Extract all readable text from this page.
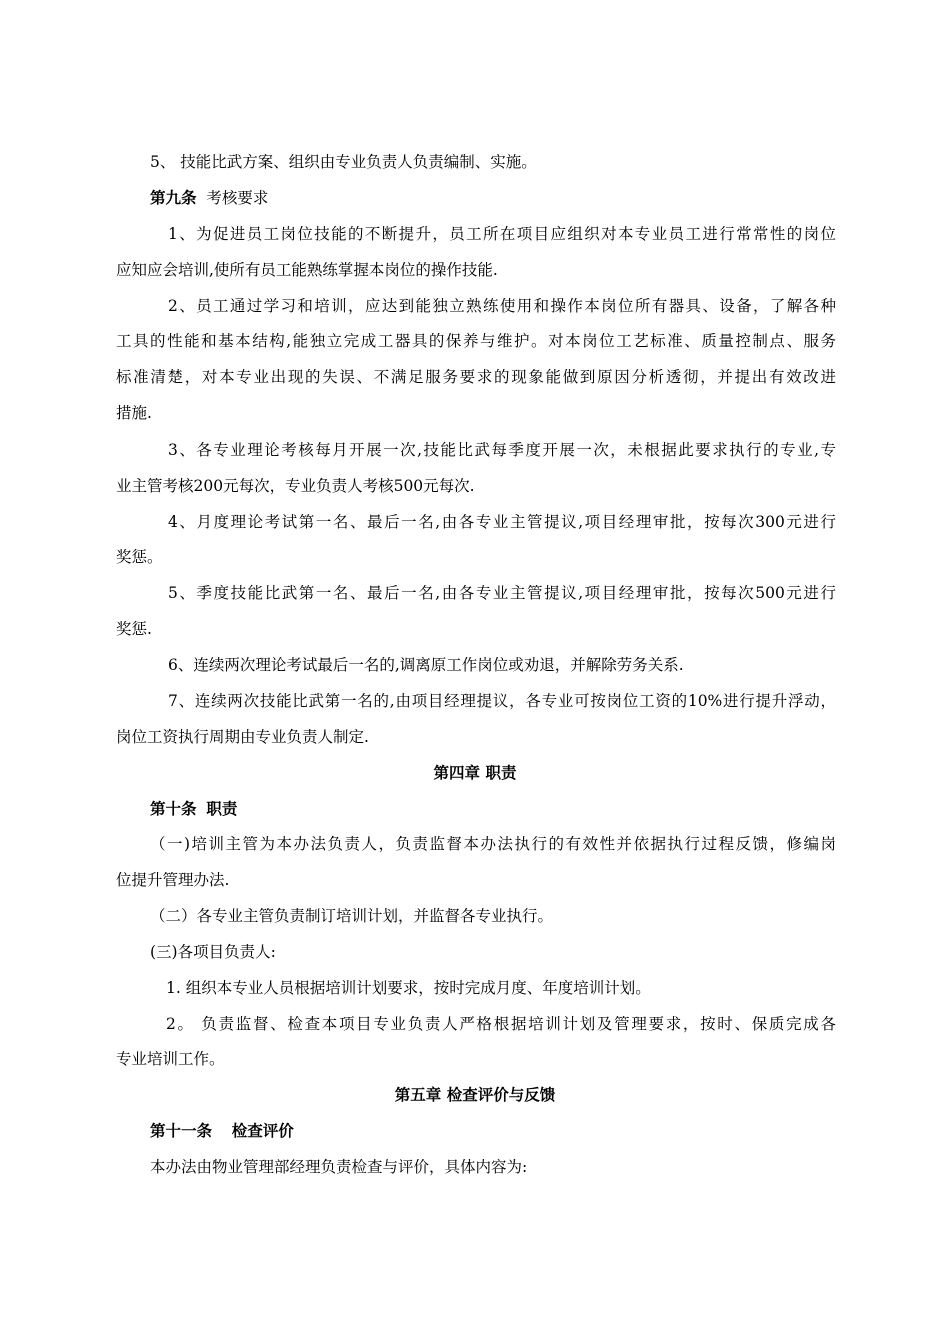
5、 技能比武方案、组织由专业负责人负责编制、实施。
第九条 考核要求
1、为促进员工岗位技能的不断提升，员工所在项目应组织对本专业员工进行常常性的岗位
应知应会培训,使所有员工能熟练掌握本岗位的操作技能.
2、员工通过学习和培训，应达到能独立熟练使用和操作本岗位所有器具、设备，了解各种
工具的性能和基本结构,能独立完成工器具的保养与维护。对本岗位工艺标准、质量控制点、服务
标准清楚，对本专业出现的失误、不满足服务要求的现象能做到原因分析透彻，并提出有效改进
措施.
3、各专业理论考核每月开展一次,技能比武每季度开展一次，未根据此要求执行的专业,专
业主管考核200元每次，专业负责人考核500元每次.
4、月度理论考试第一名、最后一名,由各专业主管提议,项目经理审批，按每次300元进行
奖惩。
5、季度技能比武第一名、最后一名,由各专业主管提议,项目经理审批，按每次500元进行
奖惩.
6、连续两次理论考试最后一名的,调离原工作岗位或劝退，并解除劳务关系.
7、连续两次技能比武第一名的,由项目经理提议，各专业可按岗位工资的10%进行提升浮动，
岗位工资执行周期由专业负责人制定.
第四章 职责
第十条 职责
（一)培训主管为本办法负责人，负责监督本办法执行的有效性并依据执行过程反馈，修编岗
位提升管理办法.
（二）各专业主管负责制订培训计划，并监督各专业执行。
(三)各项目负责人:
1. 组织本专业人员根据培训计划要求，按时完成月度、年度培训计划。
2。 负责监督、检查本项目专业负责人严格根据培训计划及管理要求，按时、保质完成各
专业培训工作。
第五章 检查评价与反馈
第十一条 检查评价
本办法由物业管理部经理负责检查与评价，具体内容为:
